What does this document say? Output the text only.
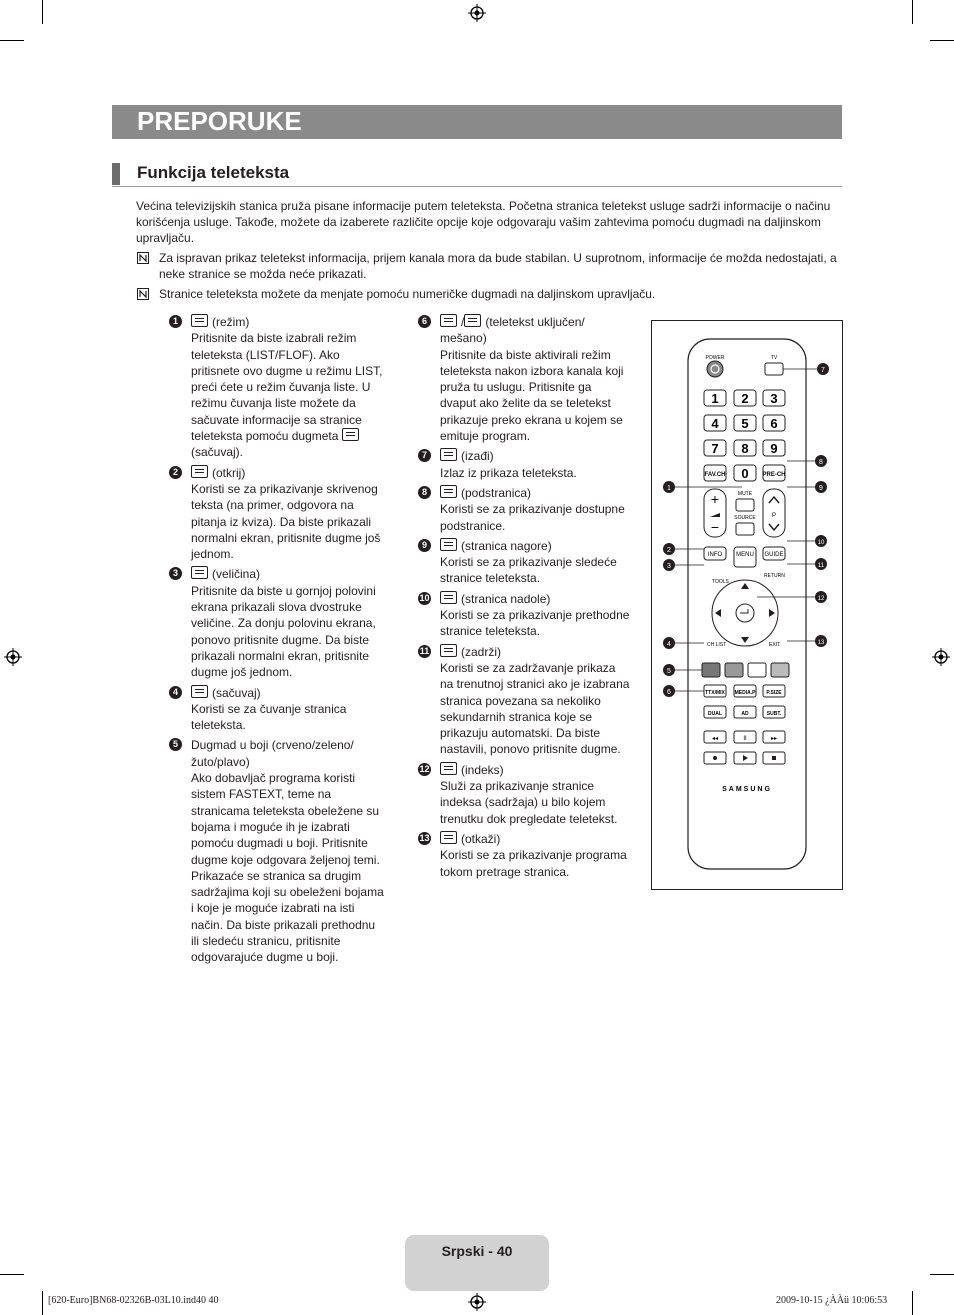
PREPORUKE
Funkcija teleteksta
Većina televizijskih stanica pruža pisane informacije putem teleteksta. Početna stranica teletekst usluge sadrži informacije o načinu korišćenja usluge. Takođe, možete da izaberete različite opcije koje odgovaraju vašim zahtevima pomoću dugmadi na daljinskom upravljaču.
Za ispravan prikaz teletekst informacija, prijem kanala mora da bude stabilan. U suprotnom, informacije će možda nedostajati, a neke stranice se možda neće prikazati.
Stranice teleteksta možete da menjate pomoću numeričke dugmadi na daljinskom upravljaču.
1	(režim)
Pritisnite da biste izabrali režim teleteksta (LIST/FLOF). Ako pritisnete ovo dugme u režimu LIST, preći ćete u režim čuvanja liste. U režimu čuvanja liste možete da sačuvate informacije sa stranice teleteksta pomoću dugmeta (sačuvaj).
2	(otkrij)
Koristi se za prikazivanje skrivenog teksta (na primer, odgovora na pitanja iz kviza). Da biste prikazali normalni ekran, pritisnite dugme još jednom.
3	(veličina)
Pritisnite da biste u gornjoj polovini ekrana prikazali slova dvostruke veličine. Za donju polovinu ekrana, ponovo pritisnite dugme. Da biste prikazali normalni ekran, pritisnite dugme još jednom.
4	(sačuvaj)
Koristi se za čuvanje stranica teleteksta.
5	Dugmad u boji (crveno/zeleno/ žuto/plavo)
Ako dobavljač programa koristi sistem FASTEXT, teme na stranicama teleteksta obeležene su bojama i moguće ih je izabrati pomoću dugmadi u boji. Pritisnite dugme koje odgovara željenoj temi. Prikazaće se stranica sa drugim sadržajima koji su obeleženi bojama i koje je moguće izabrati na isti način. Da biste prikazali prethodnu ili sledeću stranicu, pritisnite odgovarajuće dugme u boji.
6	/ (teletekst uključen/ mešano)
Pritisnite da biste aktivirali režim teleteksta nakon izbora kanala koji pruža tu uslugu. Pritisnite ga dvaput ako želite da se teletekst prikazuje preko ekrana u kojem se emituje program.
7	(izađi)
Izlaz iz prikaza teleteksta.
8	(podstranica)
Koristi se za prikazivanje dostupne podstranice.
9	(stranica nagore)
Koristi se za prikazivanje sledeće stranice teleteksta.
10	(stranica nadole)
Koristi se za prikazivanje prethodne stranice teleteksta.
11	(zadrži)
Koristi se za zadržavanje prikaza na trenutnoj stranici ako je izabrana stranica povezana sa nekoliko sekundarnih stranica koje se prikazuju automatski. Da biste nastavili, ponovo pritisnite dugme.
12	(indeks)
Služi za prikazivanje stranice indeksa (sadržaja) u bilo kojem trenutku dok pregledate teletekst.
13	(otkaži)
Koristi se za prikazivanje programa tokom pretrage stranica.
POWER	TV
1 2 3
4 5 6
7 8 9
FAV.CH 0 PRE-CH
+
−
MUTE
SOURCE	P
INFO MENU GUIDE
TOOLS
RETURN
CH LIST	EXIT
TTX/MIX MEDIA.P P.SIZE
DUAL	AD	SUBT.
◂◂	II	▸▸
SAMSUNG
1
2
3
4
5
6
7
8
9
10
11
12
13
Srpski - 40
[620-Euro]BN68-02326B-03L10.ind40 40	2009-10-15 ¿ÀÀü 10:06:53
